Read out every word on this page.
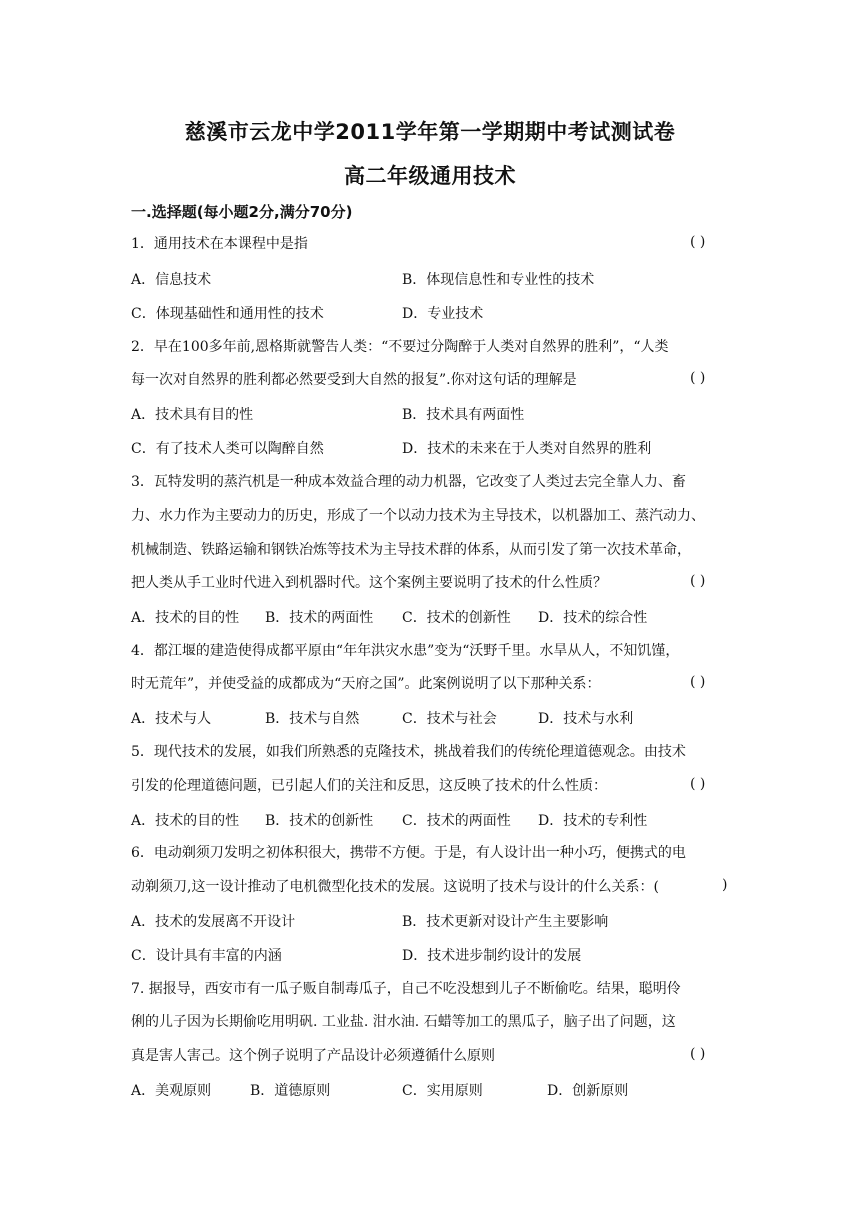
慈溪市云龙中学2011学年第一学期期中考试测试卷
高二年级通用技术
一.选择题(每小题2分,满分70分)
1．通用技术在本课程中是指	( )
A．信息技术	B．体现信息性和专业性的技术
C．体现基础性和通用性的技术	D．专业技术
2．早在100多年前,恩格斯就警告人类：“不要过分陶醉于人类对自然界的胜利”，“人类
每一次对自然界的胜利都必然要受到大自然的报复”.你对这句话的理解是	( )
A．技术具有目的性	B．技术具有两面性
C．有了技术人类可以陶醉自然	D．技术的未来在于人类对自然界的胜利
3．瓦特发明的蒸汽机是一种成本效益合理的动力机器，它改变了人类过去完全靠人力、畜
力、水力作为主要动力的历史，形成了一个以动力技术为主导技术，以机器加工、蒸汽动力、
机械制造、铁路运输和钢铁冶炼等技术为主导技术群的体系，从而引发了第一次技术革命，
把人类从手工业时代进入到机器时代。这个案例主要说明了技术的什么性质？	( )
A．技术的目的性 B．技术的两面性 C．技术的创新性 D．技术的综合性
4．都江堰的建造使得成都平原由“年年洪灾水患”变为“沃野千里。水旱从人，不知饥馑，
时无荒年”，并使受益的成都成为“天府之国”。此案例说明了以下那种关系：	( )
A．技术与人	B．技术与自然	C．技术与社会	D．技术与水利
5．现代技术的发展，如我们所熟悉的克隆技术，挑战着我们的传统伦理道德观念。由技术
引发的伦理道德问题，已引起人们的关注和反思，这反映了技术的什么性质：	( )
A．技术的目的性 B．技术的创新性 C．技术的两面性 D．技术的专利性
6．电动剃须刀发明之初体积很大，携带不方便。于是，有人设计出一种小巧，便携式的电
动剃须刀,这一设计推动了电机微型化技术的发展。这说明了技术与设计的什么关系：(	)
A．技术的发展离不开设计	B．技术更新对设计产生主要影响
C．设计具有丰富的内涵	D．技术进步制约设计的发展
7. 据报导，西安市有一瓜子贩自制毒瓜子，自己不吃没想到儿子不断偷吃。结果，聪明伶
俐的儿子因为长期偷吃用明矾. 工业盐. 泔水油. 石蜡等加工的黑瓜子，脑子出了问题，这
真是害人害己。这个例子说明了产品设计必须遵循什么原则	( )
A．美观原则	B．道德原则	C．实用原则	D．创新原则
